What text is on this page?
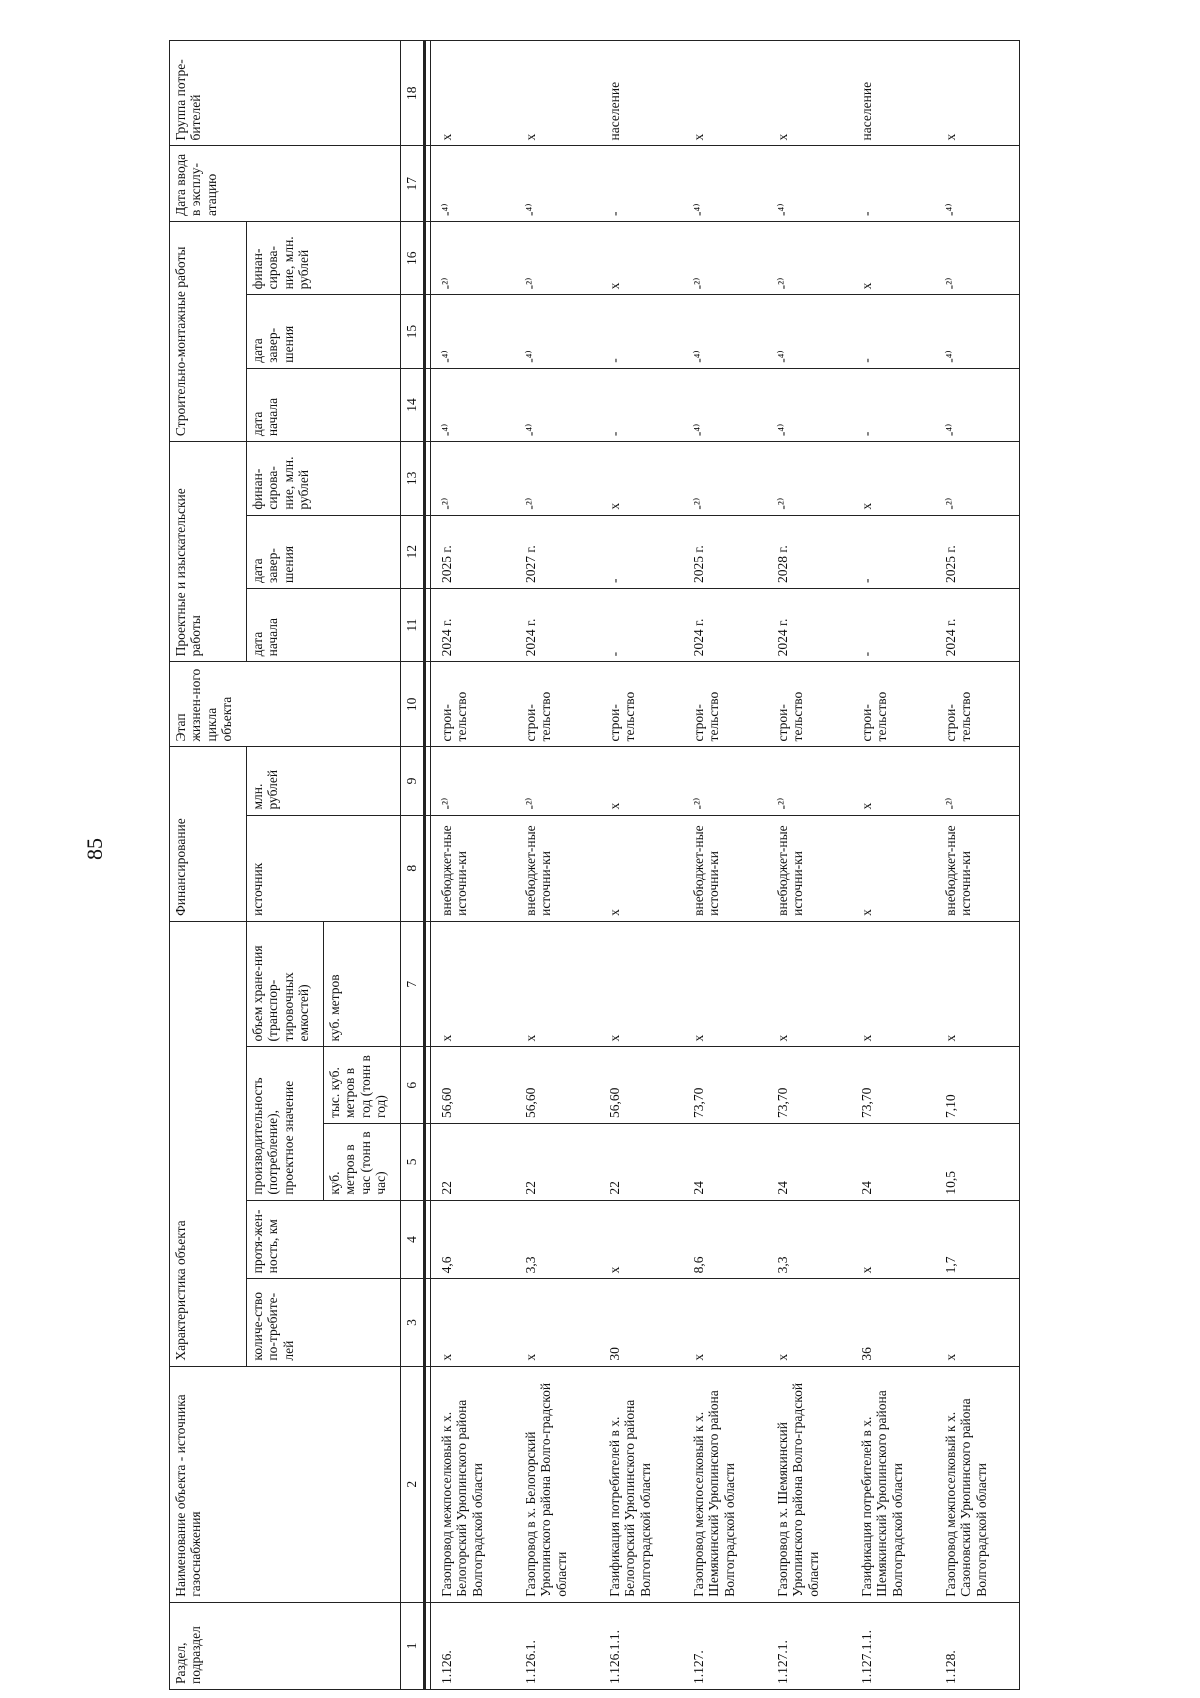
85
Раздел, подраздел	Наименование объекта - источника газоснабжения	Характеристика объекта					Финансирование		Этап жизнен-ного цикла объекта	Проектные и изыскательские работы			Строительно-монтажные работы			Дата ввода в эксплу-атацию	Группа потре-бителей
		количе-ство по-требите-лей	протя-жен-ность, км	производительность (потребление), проектное значение		объем хране-ния (транспор-тировочных емкостей)	источник	млн. рублей		дата начала	дата завер-шения	финан-сирова-ние, млн. рублей	дата начала	дата завер-шения	финан-сирова-ние, млн. рублей		

				куб. метров в час (тонн в час)	тыс. куб. метров в год (тонн в год)	куб. метров											
1	2	3	4	5	6	7	8	9	10	11	12	13	14	15	16	17	18

1.126.	Газопровод межпоселковый к х. Белогорский Урюпинского района Волгоградской области	х	4,6	22	56,60	х	внебюджет-ные источни-ки	-²⁾	строи-тельство	2024 г.	2025 г.	-²⁾	-⁴⁾	-⁴⁾	-²⁾	-⁴⁾	х
1.126.1.	Газопровод в х. Белогорский Урюпинского района Волго-градской области	х	3,3	22	56,60	х	внебюджет-ные источни-ки	-²⁾	строи-тельство	2024 г.	2027 г.	-²⁾	-⁴⁾	-⁴⁾	-²⁾	-⁴⁾	х
1.126.1.1.	Газификация потребителей в х. Белогорский Урюпинского района Волгоградской области	30	х	22	56,60	х	х	х	строи-тельство	-	-	х	-	-	х	-	население
1.127.	Газопровод межпоселковый к х. Шемякинский Урюпинского района Волгоградской области	х	8,6	24	73,70	х	внебюджет-ные источни-ки	-²⁾	строи-тельство	2024 г.	2025 г.	-²⁾	-⁴⁾	-⁴⁾	-²⁾	-⁴⁾	х
1.127.1.	Газопровод в х. Шемякинский Урюпинского района Волго-градской области	х	3,3	24	73,70	х	внебюджет-ные источни-ки	-²⁾	строи-тельство	2024 г.	2028 г.	-²⁾	-⁴⁾	-⁴⁾	-²⁾	-⁴⁾	х
1.127.1.1.	Газификация потребителей в х. Шемякинский Урюпинского района Волгоградской области	36	х	24	73,70	х	х	х	строи-тельство	-	-	х	-	-	х	-	население
1.128.	Газопровод межпоселковый к х. Сазоновский Урюпинского района Волгоградской области	х	1,7	10,5	7,10	х	внебюджет-ные источни-ки	-²⁾	строи-тельство	2024 г.	2025 г.	-²⁾	-⁴⁾	-⁴⁾	-²⁾	-⁴⁾	х
